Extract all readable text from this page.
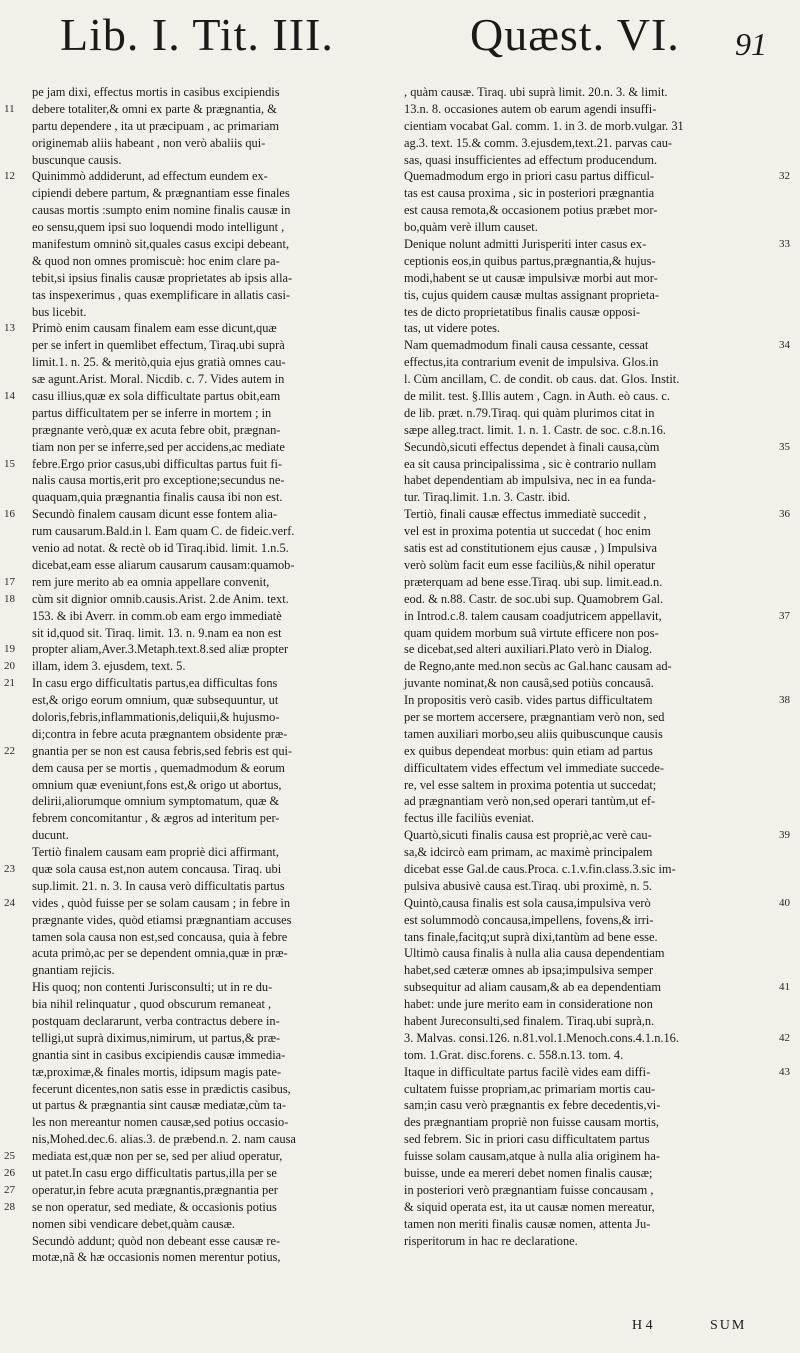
Lib. I. Tit. III.	Quæst. VI. 91
pe jam dixi, effectus mortis in casibus excipiendis
debere totaliter,& omni ex parte & prægnantia, &
11
partu dependere , ita ut præcipuam , ac primariam
originemab aliis habeant , non verò abaliis qui-
buscunque causis.
Quinimmò addiderunt, ad effectum eundem ex-
12
cipiendi debere partum, & prægnantiam esse finales
causas mortis :sumpto enim nomine finalis causæ in
eo sensu,quem ipsi suo loquendi modo intelligunt ,
manifestum omninò sit,quales casus excipi debeant,
& quod non omnes promiscuè: hoc enim clare pa-
tebit,si ipsius finalis causæ proprietates ab ipsis alla-
tas inspexerimus , quas exemplificare in allatis casi-
bus licebit.
Primò enim causam finalem eam esse dicunt,quæ
13
per se infert in quemlibet effectum, Tiraq.ubi suprà
limit.1. n. 25. & meritò,quia ejus gratià omnes cau-
sæ agunt.Arist. Moral. Nicdib. c. 7. Vides autem in
casu illius,quæ ex sola difficultate partus obit,eam
14
partus difficultatem per se inferre in mortem ; in
prægnante verò,quæ ex acuta febre obit, prægnan-
tiam non per se inferre,sed per accidens,ac mediate
febre.Ergo prior casus,ubi difficultas partus fuit fi-
15
nalis causa mortis,erit pro exceptione;secundus ne-
quaquam,quia prægnantia finalis causa ibi non est.
Secundò finalem causam dicunt esse fontem alia-
16
rum causarum.Bald.in l. Eam quam C. de fideic.verf.
venio ad notat. & rectè ob id Tiraq.ibid. limit. 1.n.5.
dicebat,eam esse aliarum causarum causam:quamob-
rem jure merito ab ea omnia appellare convenit,
17
cùm sit dignior omnib.causis.Arist. 2.de Anim. text.
18
153. & ibi Averr. in comm.ob eam ergo immediatè
sit id,quod sit. Tiraq. limit. 13. n. 9.nam ea non est
propter aliam,Aver.3.Metaph.text.8.sed aliæ propter
19
illam, idem 3. ejusdem, text. 5.
20
In casu ergo difficultatis partus,ea difficultas fons
21
est,& origo eorum omnium, quæ subsequuntur, ut
doloris,febris,inflammationis,deliquii,& hujusmo-
di;contra in febre acuta prægnantem obsidente præ-
gnantia per se non est causa febris,sed febris est qui-
22
dem causa per se mortis , quemadmodum & eorum
omnium quæ eveniunt,fons est,& origo ut abortus,
delirii,aliorumque omnium symptomatum, quæ &
febrem concomitantur , & ægros ad interitum per-
ducunt.
Tertiò finalem causam eam propriè dici affirmant,
quæ sola causa est,non autem concausa. Tiraq. ubi
23
sup.limit. 21. n. 3. In causa verò difficultatis partus
vides , quòd fuisse per se solam causam ; in febre in
24
prægnante vides, quòd etiamsi prægnantiam accuses
tamen sola causa non est,sed concausa, quia à febre
acuta primò,ac per se dependent omnia,quæ in præ-
gnantiam rejicis.
His quoq; non contenti Jurisconsulti; ut in re du-
bia nihil relinquatur , quod obscurum remaneat ,
postquam declararunt, verba contractus debere in-
telligi,ut suprà diximus,nimirum, ut partus,& præ-
gnantia sint in casibus excipiendis causæ immedia-
tæ,proximæ,& finales mortis, idipsum magis pate-
fecerunt dicentes,non satis esse in prædictis casibus,
ut partus & prægnantia sint causæ mediatæ,cùm ta-
les non mereantur nomen causæ,sed potius occasio-
nis,Mohed.dec.6. alias.3. de præbend.n. 2. nam causa
mediata est,quæ non per se, sed per aliud operatur,
25
ut patet.In casu ergo difficultatis partus,illa per se
26
operatur,in febre acuta prægnantis,prægnantia per
27
se non operatur, sed mediate, & occasionis potius
28
nomen sibi vendicare debet,quàm causæ.
Secundò addunt; quòd non debeant esse causæ re-
motæ,nã & hæ occasionis nomen merentur potius,
, quàm causæ. Tiraq. ubi suprà limit. 20.n. 3. & limit.
13.n. 8. occasiones autem ob earum agendi insuffi-
cientiam vocabat Gal. comm. 1. in 3. de morb.vulgar. 31
ag.3. text. 15.& comm. 3.ejusdem,text.21. parvas cau-
sas, quasi insufficientes ad effectum producendum.
Quemadmodum ergo in priori casu partus difficul-	32
tas est causa proxima , sic in posteriori prægnantia
est causa remota,& occasionem potius præbet mor-
bo,quàm verè illum causet.
Denique nolunt admitti Jurisperiti inter casus ex-	33
ceptionis eos,in quibus partus,prægnantia,& hujus-
modi,habent se ut causæ impulsivæ morbi aut mor-
tis, cujus quidem causæ multas assignant proprieta-
tes de dicto proprietatibus finalis causæ opposi-
tas, ut videre potes.
Nam quemadmodum finali causa cessante, cessat	34
effectus,ita contrarium evenit de impulsiva. Glos.in
l. Cùm ancillam, C. de condit. ob caus. dat. Glos. Instit.
de milit. test. §.Illis autem , Cagn. in Auth. eò caus. c.
de lib. præt. n.79.Tiraq. qui quàm plurimos citat in
sæpe alleg.tract. limit. 1. n. 1. Castr. de soc. c.8.n.16.
Secundò,sicuti effectus dependet à finali causa,cùm	35
ea sit causa principalissima , sic è contrario nullam
habet dependentiam ab impulsiva, nec in ea funda-
tur. Tiraq.limit. 1.n. 3. Castr. ibid.
Tertiò, finali causæ effectus immediatè succedit ,	36
vel est in proxima potentia ut succedat ( hoc enim
satis est ad constitutionem ejus causæ , ) Impulsiva
verò solùm facit eum esse faciliùs,& nihil operatur
præterquam ad bene esse.Tiraq. ubi sup. limit.ead.n.
eod. & n.88. Castr. de soc.ubi sup. Quamobrem Gal.
in Introd.c.8. talem causam coadjutricem appellavit,	37
quam quidem morbum suâ virtute efficere non pos-
se dicebat,sed alteri auxiliari.Plato verò in Dialog.
de Regno,ante med.non secùs ac Gal.hanc causam ad-
juvante nominat,& non causâ,sed potiùs concausâ.
In propositis verò casib. vides partus difficultatem	38
per se mortem accersere, prægnantiam verò non, sed
tamen auxiliari morbo,seu aliis quibuscunque causis
ex quibus dependeat morbus: quin etiam ad partus
difficultatem vides effectum vel immediate succede-
re, vel esse saltem in proxima potentia ut succedat;
ad prægnantiam verò non,sed operari tantùm,ut ef-
fectus ille faciliùs eveniat.
Quartò,sicuti finalis causa est propriè,ac verè cau-	39
sa,& idcircò eam primam, ac maximè principalem
dicebat esse Gal.de caus.Proca. c.1.v.fin.class.3.sic im-
pulsiva abusivè causa est.Tiraq. ubi proximè, n. 5.
Quintò,causa finalis est sola causa,impulsiva verò	40
est solummodò concausa,impellens, fovens,& irri-
tans finale,facitq;ut suprà dixi,tantùm ad bene esse.
Ultimò causa finalis à nulla alia causa dependentiam
habet,sed cæteræ omnes ab ipsa;impulsiva semper
subsequitur ad aliam causam,& ab ea dependentiam	41
habet: unde jure merito eam in consideratione non
habent Jureconsulti,sed finalem. Tiraq.ubi suprà,n.
3. Malvas. consi.126. n.81.vol.1.Menoch.cons.4.1.n.16.	42
tom. 1.Grat. disc.forens. c. 558.n.13. tom. 4.
Itaque in difficultate partus facilè vides eam diffi-	43
cultatem fuisse propriam,ac primariam mortis cau-
sam;in casu verò prægnantis ex febre decedentis,vi-
des prægnantiam propriè non fuisse causam mortis,
sed febrem. Sic in priori casu difficultatem partus
fuisse solam causam,atque à nulla alia originem ha-
buisse, unde ea mereri debet nomen finalis causæ;
in posteriori verò prægnantiam fuisse concausam ,
& siquid operata est, ita ut causæ nomen mereatur,
tamen non meriti finalis causæ nomen, attenta Ju-
risperitorum in hac re declaratione.
H 4	SUM
